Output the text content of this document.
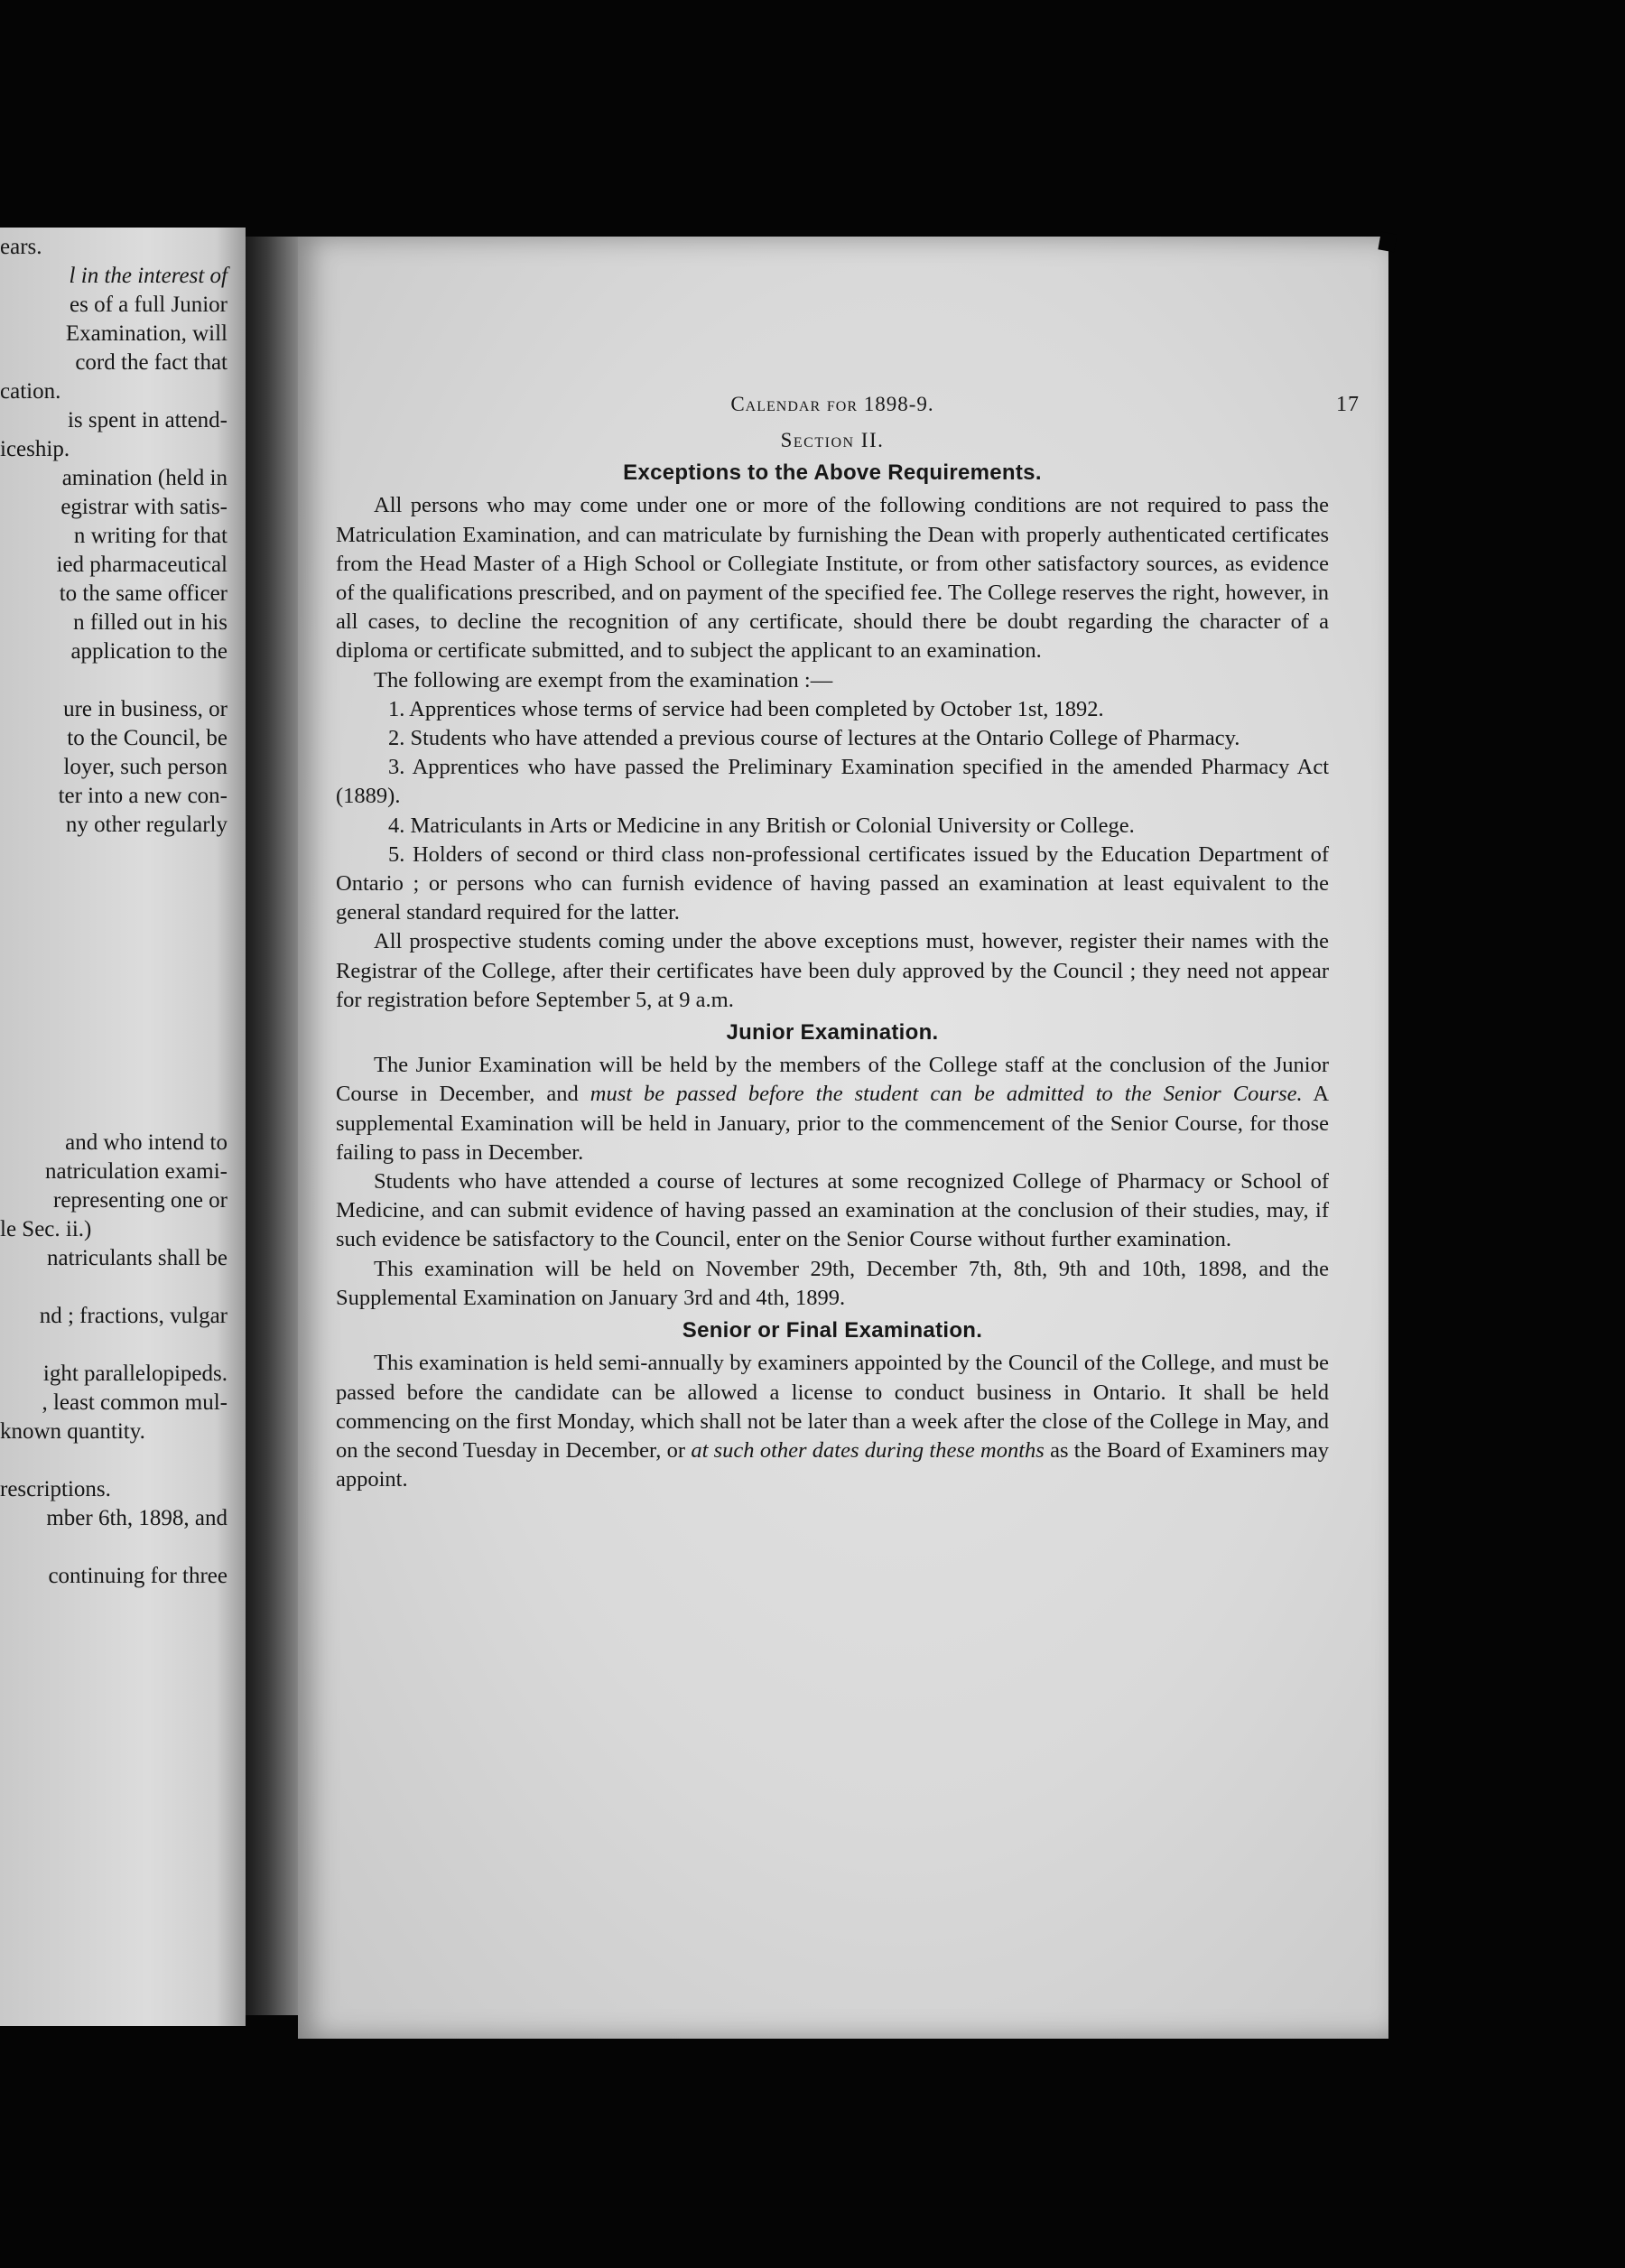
ears.
l in the interest of
es of a full Junior
Examination, will
cord the fact that
cation.
is spent in attend-
iceship.
amination (held in
egistrar with satis-
n writing for that
ied pharmaceutical
to the same officer
n filled out in his
application to the
ure in business, or
to the Council, be
loyer, such person
ter into a new con-
ny other regularly
and who intend to
natriculation exami-
representing one or
le Sec. ii.)
natriculants shall be
nd ; fractions, vulgar
ight parallelopipeds.
, least common mul-
known quantity.
rescriptions.
mber 6th, 1898, and
continuing for three
Calendar for 1898-9.	17
Section II.
Exceptions to the Above Requirements.

All persons who may come under one or more of the following conditions are not required to pass the Matriculation Examination, and can matriculate by furnishing the Dean with properly authenticated certificates from the Head Master of a High School or Collegiate Institute, or from other satisfactory sources, as evidence of the qualifications prescribed, and on payment of the specified fee. The College reserves the right, however, in all cases, to decline the recognition of any certificate, should there be doubt regarding the character of a diploma or certificate submitted, and to subject the applicant to an examination.

The following are exempt from the examination :—

1. Apprentices whose terms of service had been completed by October 1st, 1892.

2. Students who have attended a previous course of lectures at the Ontario College of Pharmacy.

3. Apprentices who have passed the Preliminary Examination specified in the amended Pharmacy Act (1889).

4. Matriculants in Arts or Medicine in any British or Colonial University or College.

5. Holders of second or third class non-professional certificates issued by the Education Department of Ontario ; or persons who can furnish evidence of having passed an examination at least equivalent to the general standard required for the latter.

All prospective students coming under the above exceptions must, however, register their names with the Registrar of the College, after their certificates have been duly approved by the Council ; they need not appear for registration before September 5, at 9 a.m.

Junior Examination.

The Junior Examination will be held by the members of the College staff at the conclusion of the Junior Course in December, and must be passed before the student can be admitted to the Senior Course. A supplemental Examination will be held in January, prior to the commencement of the Senior Course, for those failing to pass in December.

Students who have attended a course of lectures at some recognized College of Pharmacy or School of Medicine, and can submit evidence of having passed an examination at the conclusion of their studies, may, if such evidence be satisfactory to the Council, enter on the Senior Course without further examination.

This examination will be held on November 29th, December 7th, 8th, 9th and 10th, 1898, and the Supplemental Examination on January 3rd and 4th, 1899.

Senior or Final Examination.

This examination is held semi-annually by examiners appointed by the Council of the College, and must be passed before the candidate can be allowed a license to conduct business in Ontario. It shall be held commencing on the first Monday, which shall not be later than a week after the close of the College in May, and on the second Tuesday in December, or at such other dates during these months as the Board of Examiners may appoint.
